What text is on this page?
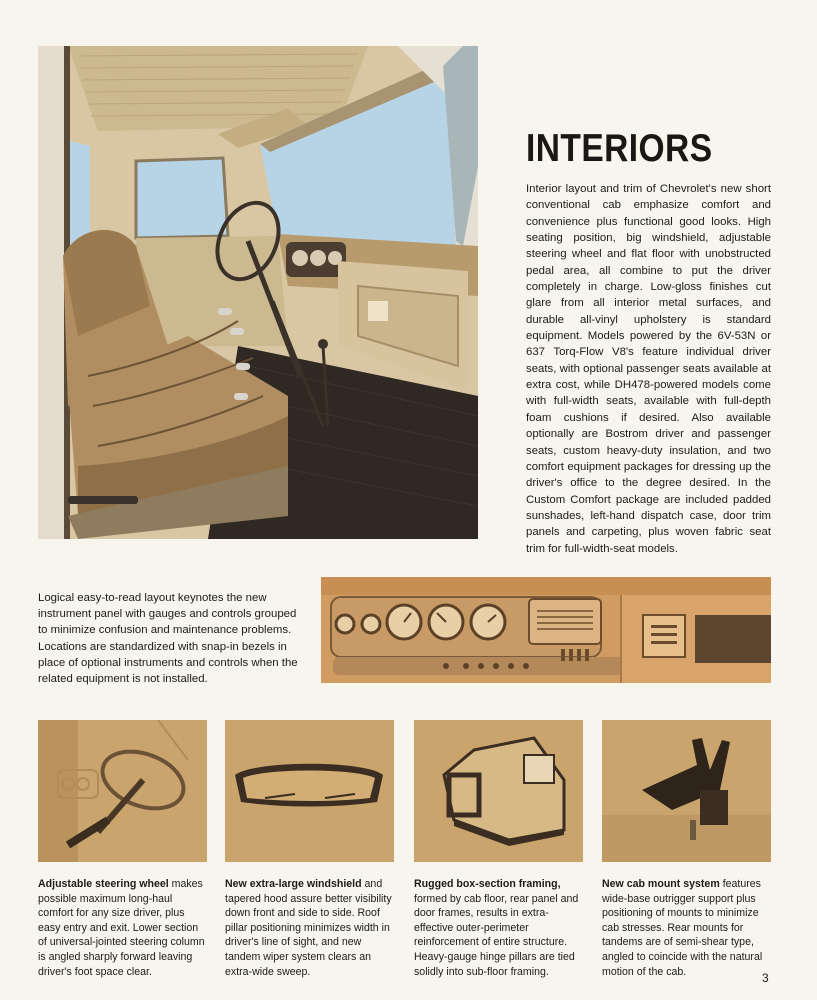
INTERIORS

Interior layout and trim of Chevrolet's new short conventional cab emphasize comfort and convenience plus functional good looks. High seating position, big windshield, adjustable steering wheel and flat floor with unobstructed pedal area, all combine to put the driver completely in charge. Low-gloss finishes cut glare from all interior metal surfaces, and durable all-vinyl upholstery is standard equipment. Models powered by the 6V-53N or 637 Torq-Flow V8's feature individual driver seats, with optional passenger seats available at extra cost, while DH478-powered models come with full-width seats, available with full-depth foam cushions if desired. Also available optionally are Bostrom driver and passenger seats, custom heavy-duty insulation, and two comfort equipment packages for dressing up the driver's office to the degree desired. In the Custom Comfort package are included padded sunshades, left-hand dispatch case, door trim panels and carpeting, plus woven fabric seat trim for full-width-seat models.

Logical easy-to-read layout keynotes the new instrument panel with gauges and controls grouped to minimize confusion and maintenance problems. Locations are standardized with snap-in bezels in place of optional instruments and controls when the related equipment is not installed.

Adjustable steering wheel makes possible maximum long-haul comfort for any size driver, plus easy entry and exit. Lower section of universal-jointed steering column is angled sharply forward leaving driver's foot space clear.

New extra-large windshield and tapered hood assure better visibility down front and side to side. Roof pillar positioning minimizes width in driver's line of sight, and new tandem wiper system clears an extra-wide sweep.

Rugged box-section framing, formed by cab floor, rear panel and door frames, results in extra-effective outer-perimeter reinforcement of entire structure. Heavy-gauge hinge pillars are tied solidly into sub-floor framing.

New cab mount system features wide-base outrigger support plus positioning of mounts to minimize cab stresses. Rear mounts for tandems are of semi-shear type, angled to coincide with the natural motion of the cab.	3
